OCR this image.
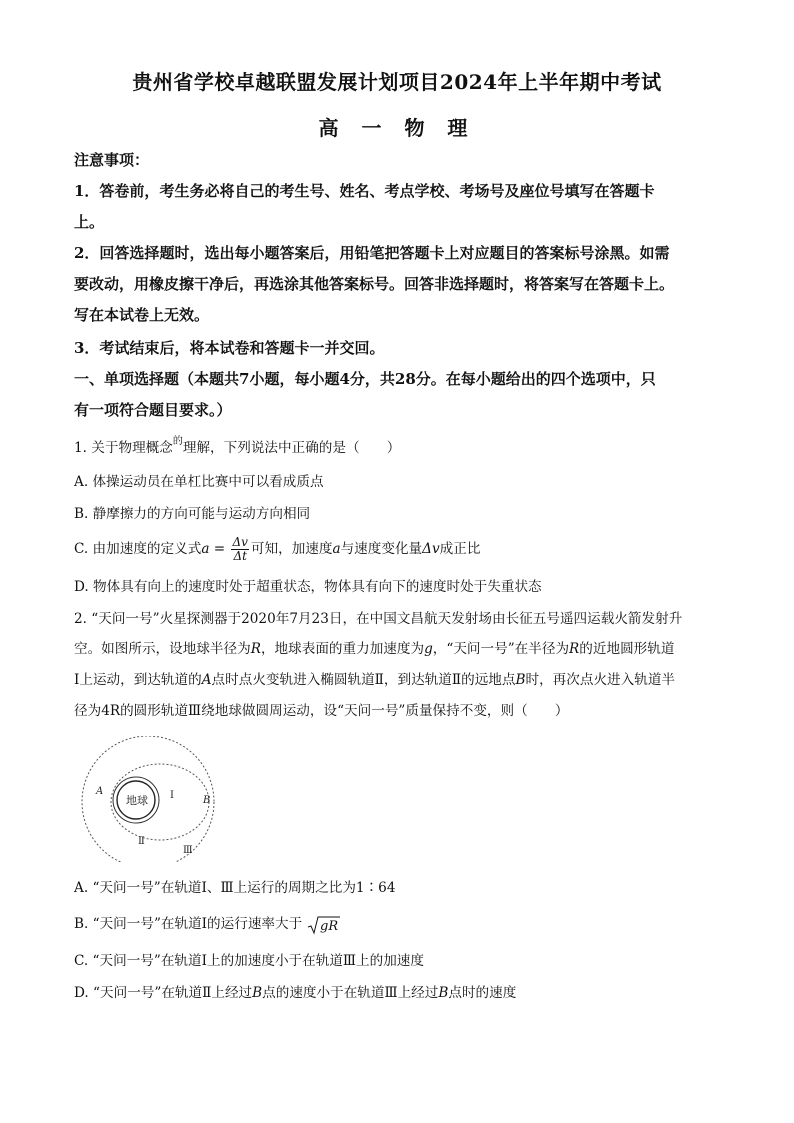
贵州省学校卓越联盟发展计划项目2024年上半年期中考试
高 一 物 理
注意事项：
1．答卷前，考生务必将自己的考生号、姓名、考点学校、考场号及座位号填写在答题卡
上。
2．回答选择题时，选出每小题答案后，用铅笔把答题卡上对应题目的答案标号涂黑。如需
要改动，用橡皮擦干净后，再选涂其他答案标号。回答非选择题时，将答案写在答题卡上。
写在本试卷上无效。
3．考试结束后，将本试卷和答题卡一并交回。
一、单项选择题（本题共7小题，每小题4分，共28分。在每小题给出的四个选项中，只
有一项符合题目要求。）
1. 关于物理概念 的 理解，下列说法中正确的是（　　）
A. 体操运动员在单杠比赛中可以看成质点
B. 静摩擦力的方向可能与运动方向相同
C. 由加速度的定义式$a = \frac{\Delta v}{\Delta t}$ 可知，加速度a与速度变化量Δv成正比
D. 物体具有向上的速度时处于超重状态，物体具有向下的速度时处于失重状态
2. “天问一号”火星探测器于2020年7月23日，在中国文昌航天发射场由长征五号遥四运载火箭发射升
空。如图所示，设地球半径为R，地球表面的重力加速度为g，“天问一号”在半径为R的近地圆形轨道
Ⅰ上运动，到达轨道的A点时点火变轨进入椭圆轨道Ⅱ，到达轨道Ⅱ的远地点B时，再次点火进入轨道半
径为4R的圆形轨道Ⅲ绕地球做圆周运动，设“天问一号”质量保持不变，则（　　）
地球
A
B
Ⅰ
Ⅱ
Ⅲ
A. “天问一号”在轨道Ⅰ、Ⅲ上运行的周期之比为1∶64
B. “天问一号”在轨道Ⅰ的运行速率大于 gR
C. “天问一号”在轨道Ⅰ上的加速度小于在轨道Ⅲ上的加速度
D. “天问一号”在轨道Ⅱ上经过B点的速度小于在轨道Ⅲ上经过B点时的速度
